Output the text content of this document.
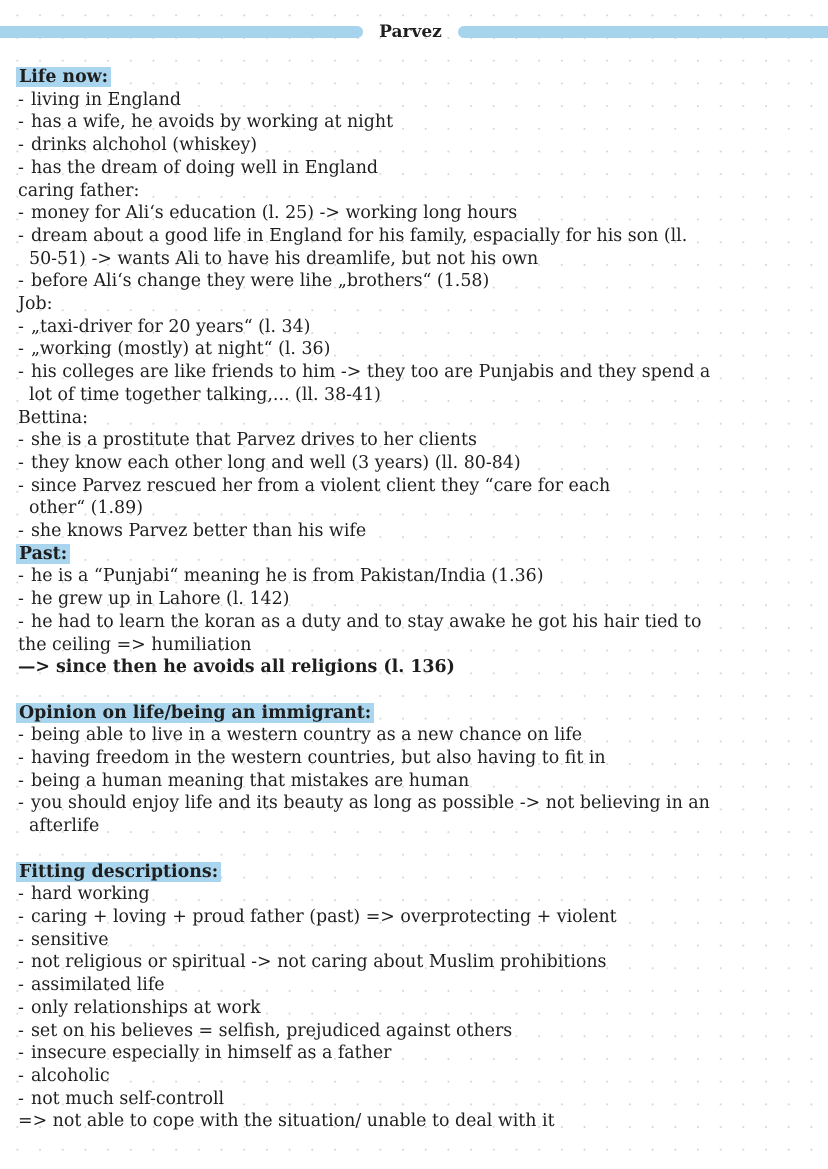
Parvez
Life now:

- living in England

- has a wife, he avoids by working at night

- drinks alchohol (whiskey)

- has the dream of doing well in England

caring father:

- money for Ali‘s education (l. 25) -> working long hours

- dream about a good life in England for his family, espacially for his son (ll.
50-51) -> wants Ali to have his dreamlife, but not his own

- before Ali‘s change they were lihe „brothers“ (1.58)

Job:

- „taxi-driver for 20 years“ (l. 34)

- „working (mostly) at night“ (l. 36)

- his colleges are like friends to him -> they too are Punjabis and they spend a
lot of time together talking,... (ll. 38-41)

Bettina:

- she is a prostitute that Parvez drives to her clients

- they know each other long and well (3 years) (ll. 80-84)

- since Parvez rescued her from a violent client they “care for each
other“ (1.89)

- she knows Parvez better than his wife

Past:

- he is a “Punjabi“ meaning he is from Pakistan/India (1.36)

- he grew up in Lahore (l. 142)

- he had to learn the koran as a duty and to stay awake he got his hair tied to

the ceiling => humiliation

—> since then he avoids all religions (l. 136)

Opinion on life/being an immigrant:

- being able to live in a western country as a new chance on life

- having freedom in the western countries, but also having to fit in

- being a human meaning that mistakes are human

- you should enjoy life and its beauty as long as possible -> not believing in an
afterlife

Fitting descriptions:

- hard working

- caring + loving + proud father (past) => overprotecting + violent

- sensitive

- not religious or spiritual -> not caring about Muslim prohibitions

- assimilated life

- only relationships at work

- set on his believes = selfish, prejudiced against others

- insecure especially in himself as a father

- alcoholic

- not much self-controll

=> not able to cope with the situation/ unable to deal with it
